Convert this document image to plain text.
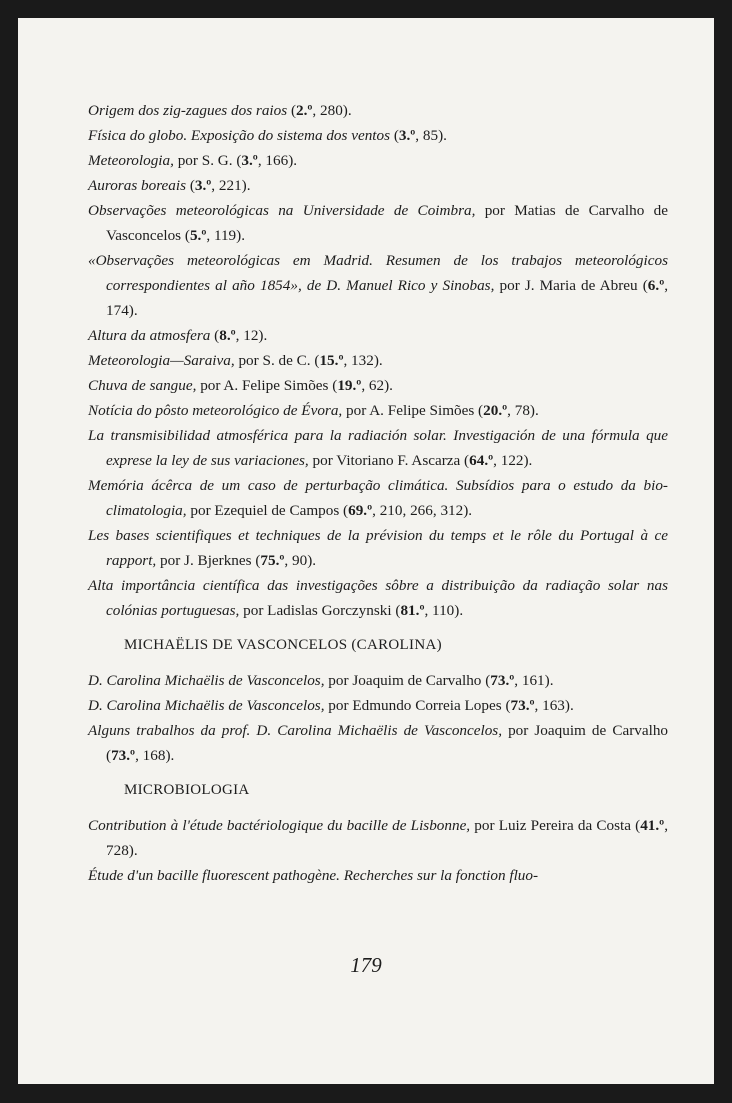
Origem dos zig-zagues dos raios (2.º, 280).

Física do globo. Exposição do sistema dos ventos (3.º, 85).

Meteorologia, por S. G. (3.º, 166).

Auroras boreais (3.º, 221).

Observações meteorológicas na Universidade de Coimbra, por Matias de Carvalho de Vasconcelos (5.º, 119).

«Observações meteorológicas em Madrid. Resumen de los trabajos meteorológicos correspondientes al año 1854», de D. Manuel Rico y Sinobas, por J. Maria de Abreu (6.º, 174).

Altura da atmosfera (8.º, 12).

Meteorologia—Saraiva, por S. de C. (15.º, 132).

Chuva de sangue, por A. Felipe Simões (19.º, 62).

Notícia do pôsto meteorológico de Évora, por A. Felipe Simões (20.º, 78).

La transmisibilidad atmosférica para la radiación solar. Investigación de una fórmula que exprese la ley de sus variaciones, por Vitoriano F. Ascarza (64.º, 122).

Memória ácêrca de um caso de perturbação climática. Subsídios para o estudo da bio-climatologia, por Ezequiel de Campos (69.º, 210, 266, 312).

Les bases scientifiques et techniques de la prévision du temps et le rôle du Portugal à ce rapport, por J. Bjerknes (75.º, 90).

Alta importância científica das investigações sôbre a distribuição da radiação solar nas colónias portuguesas, por Ladislas Gorczynski (81.º, 110).

MICHAËLIS DE VASCONCELOS (CAROLINA)

D. Carolina Michaëlis de Vasconcelos, por Joaquim de Carvalho (73.º, 161).

D. Carolina Michaëlis de Vasconcelos, por Edmundo Correia Lopes (73.º, 163).

Alguns trabalhos da prof. D. Carolina Michaëlis de Vasconcelos, por Joaquim de Carvalho (73.º, 168).

MICROBIOLOGIA

Contribution à l'étude bactériologique du bacille de Lisbonne, por Luiz Pereira da Costa (41.º, 728).

Étude d'un bacille fluorescent pathogène. Recherches sur la fonction fluo-

179
